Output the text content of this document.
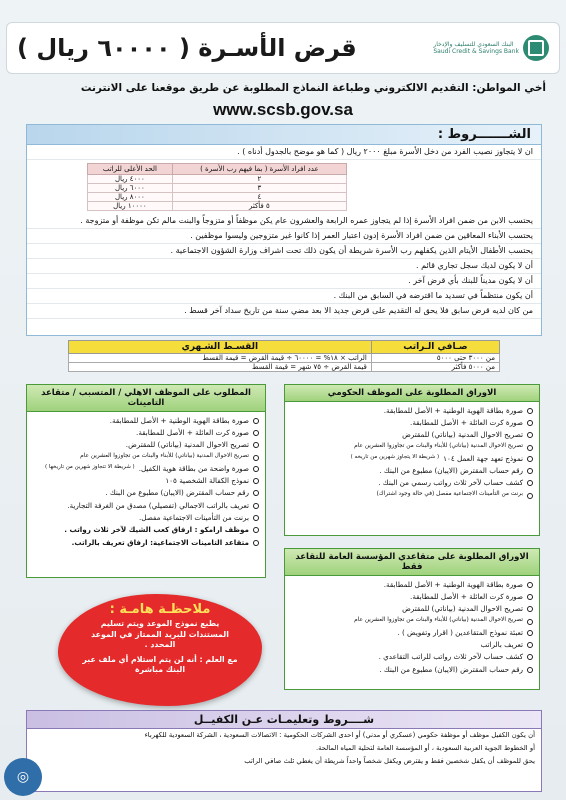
البنك السعودي للتسليف والإدخار
Saudi Credit & Savings Bank
قرض الأسـرة ( ٦٠٠٠٠ ريال )
أخي المواطن: التقديم الالكتروني وطباعة النماذج المطلوبة عن طريق موقعنا على الانترنت
www.scsb.gov.sa
الشـــــــروط :
ان لا يتجاوز نصيب الفرد من دخل الأسرة مبلغ ٢٠٠٠ ريال ( كما هو موضح بالجدول أدناه ) .
عدد افراد الأسرة ( بما فيهم رب الأسرة )	الحد الأعلى للراتب
٢	٤٠٠٠ ريال
٣	٦٠٠٠ ريال
٤	٨٠٠٠ ريال
٥ فأكثر	١٠٠٠٠ ريال
يحتسب الابن من ضمن افراد الأسرة إذا لم يتجاوز عمره الرابعة والعشرون عام يكن موظفاً أو متزوجاً والبنت مالم تكن موظفة أو متزوجة .
يحتسب الأبناء المعاقين من ضمن افراد الأسرة إدون اعتبار العمر إذا كانوا غير متزوجين وليسوا موظفين .
يحتسب الأطفال الأيتام الذين يكفلهم رب الأسرة شريطة أن يكون ذلك تحت اشراف وزارة الشؤون الاجتماعية .
أن لا يكون لديك سجل تجاري قائم .
أن لا يكون مديناً للبنك بأي قرض آخر .
أن يكون منتظماً في تسديد ما اقترضه في السابق من البنك .
من كان لديه قرض سابق فلا يحق له التقديم على قرض جديد الا بعد مضي سنة من تاريخ سداد آخر قسط .
صـافي الـراتب	القسـط الشـهري
من ٣٠٠٠ حتى ٥٠٠٠	الراتب × ١٨% = ٦٠٠٠٠ ÷ قيمة القرض = قيمة القسط
من ٥٠٠٠ فأكثر	قيمة القرض ÷ ٧٥ شهر = قيمة القسط
الاوراق المطلوبة على الموظف الحكومي
صورة بطاقة الهوية الوطنية + الأصل للمطابقة.
صورة كرت العائلة + الأصل للمطابقة.
تصريح الاحوال المدنية (بياناتي) للمقترض
تصريح الاحوال المدنية (بياناتي) للأبناء والبنات من تجاوزوا العشرين عام
نموذج تعهد جهة العمل ١٠٤
( شريطة الا يتجاوز شهرين من تاريخه )
رقم حساب المقترض (الايبان) مطبوع من البنك .
كشف حساب لآخر ثلاث رواتب رسمي من البنك .
برنت من التأمينات الاجتماعية مفصل (في حالة وجود اشتراك)
الاوراق المطلوبة على متقاعدي المؤسسة العامة للتقاعد فقط
صورة بطاقة الهوية الوطنية + الأصل للمطابقة.
صورة كرت العائلة + الأصل للمطابقة.
تصريح الاحوال المدنية (بياناتي) للمقترض
تصريح الاحوال المدنية (بياناتي) للأبناء والبنات من تجاوزوا العشرين عام
تعبئة نموذج المتقاعدين ( اقرار وتفويض ) .
تعريف بالراتب
كشف حساب لآخر ثلاث رواتب للراتب التقاعدي .
رقم حساب المقترض (الايبان) مطبوع من البنك .
المطلوب على الموظف الاهلي / المتسبب / متقاعد التامينات
صورة بطاقة الهوية الوطنية + الأصل للمطابقة.
صورة كرت العائلة + الأصل للمطابقة.
تصريح الاحوال المدنية (بياناتي) للمقترض.
تصريح الاحوال المدنية (بياناتي) للأبناء والبنات من تجاوزوا العشرين عام
صورة واضحة من بطاقة هوية الكفيل.
( شريطة الا تتجاوز شهرين من تاريخها )
نموذج الكفالة الشخصية ١٠٥
رقم حساب المقترض (الايبان) مطبوع من البنك .
تعريف بالراتب الاجمالي (تفصيلي) مصدق من الغرفة التجارية.
برنت من التأمينات الاجتماعية مفصل.
موظف ارامكو : ارفاق كعب الشيك لآخر ثلاث رواتب .
متقاعد التامينات الاجتماعية: ارفاق تعريف بالراتب.
ملاحظـة هامـة :
يطبع نموذج الموعد ويتم تسليم المستندات للبريد الممتاز في الموعد المحدد .
مع العلم : أنه لن يتم استلام أي ملف عبر البنك مباشرة
شــــروط وتعليمـات عـن الكفيــل

أن يكون الكفيل موظف أو موظفة حكومي (عسكري أو مدني) أو احدى الشركات الحكومية : الاتصالات السعودية ، الشركة السعودية للكهرباء

أو الخطوط الجوية العربية السعودية ، أو المؤسسة العامة لتحلية المياه المالحة.

يحق للموظف أن يكفل شخصين فقط و يقترض ويكفل شخصاً واحداً شريطة أن يغطي ثلث صافي الراتب

◎
